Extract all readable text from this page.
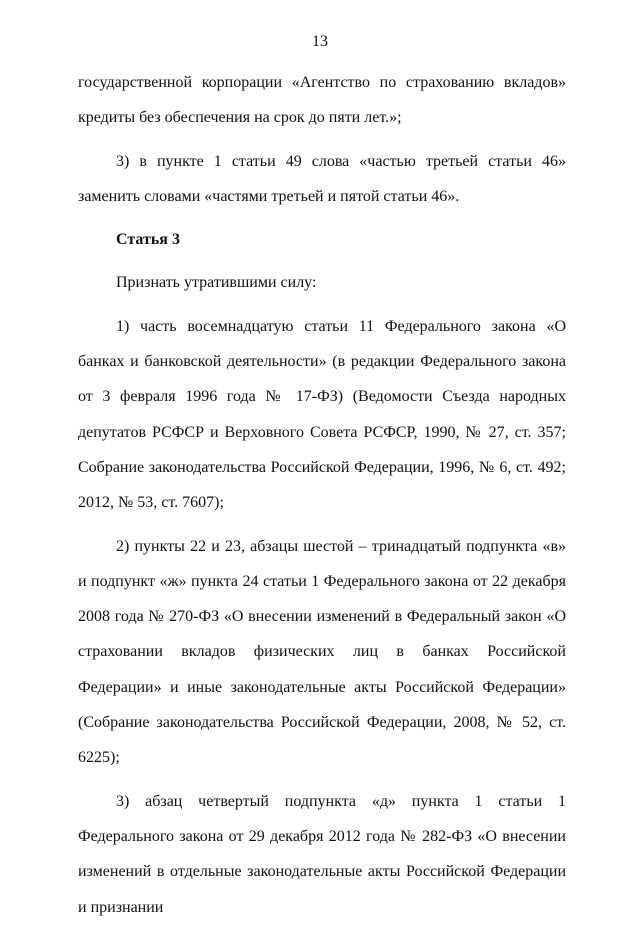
13

государственной корпорации «Агентство по страхованию вкладов» кредиты без обеспечения на срок до пяти лет.»;

3) в пункте 1 статьи 49 слова «частью третьей статьи 46» заменить словами «частями третьей и пятой статьи 46».

Статья 3

Признать утратившими силу:

1) часть восемнадцатую статьи 11 Федерального закона «О банках и банковской деятельности» (в редакции Федерального закона от 3 февраля 1996 года № 17-ФЗ) (Ведомости Съезда народных депутатов РСФСР и Верховного Совета РСФСР, 1990, № 27, ст. 357; Собрание законодательства Российской Федерации, 1996, № 6, ст. 492; 2012, № 53, ст. 7607);

2) пункты 22 и 23, абзацы шестой – тринадцатый подпункта «в» и подпункт «ж» пункта 24 статьи 1 Федерального закона от 22 декабря 2008 года № 270-ФЗ «О внесении изменений в Федеральный закон «О страховании вкладов физических лиц в банках Российской Федерации» и иные законодательные акты Российской Федерации» (Собрание законодательства Российской Федерации, 2008, № 52, ст. 6225);

3) абзац четвертый подпункта «д» пункта 1 статьи 1 Федерального закона от 29 декабря 2012 года № 282-ФЗ «О внесении изменений в отдельные законодательные акты Российской Федерации и признании
